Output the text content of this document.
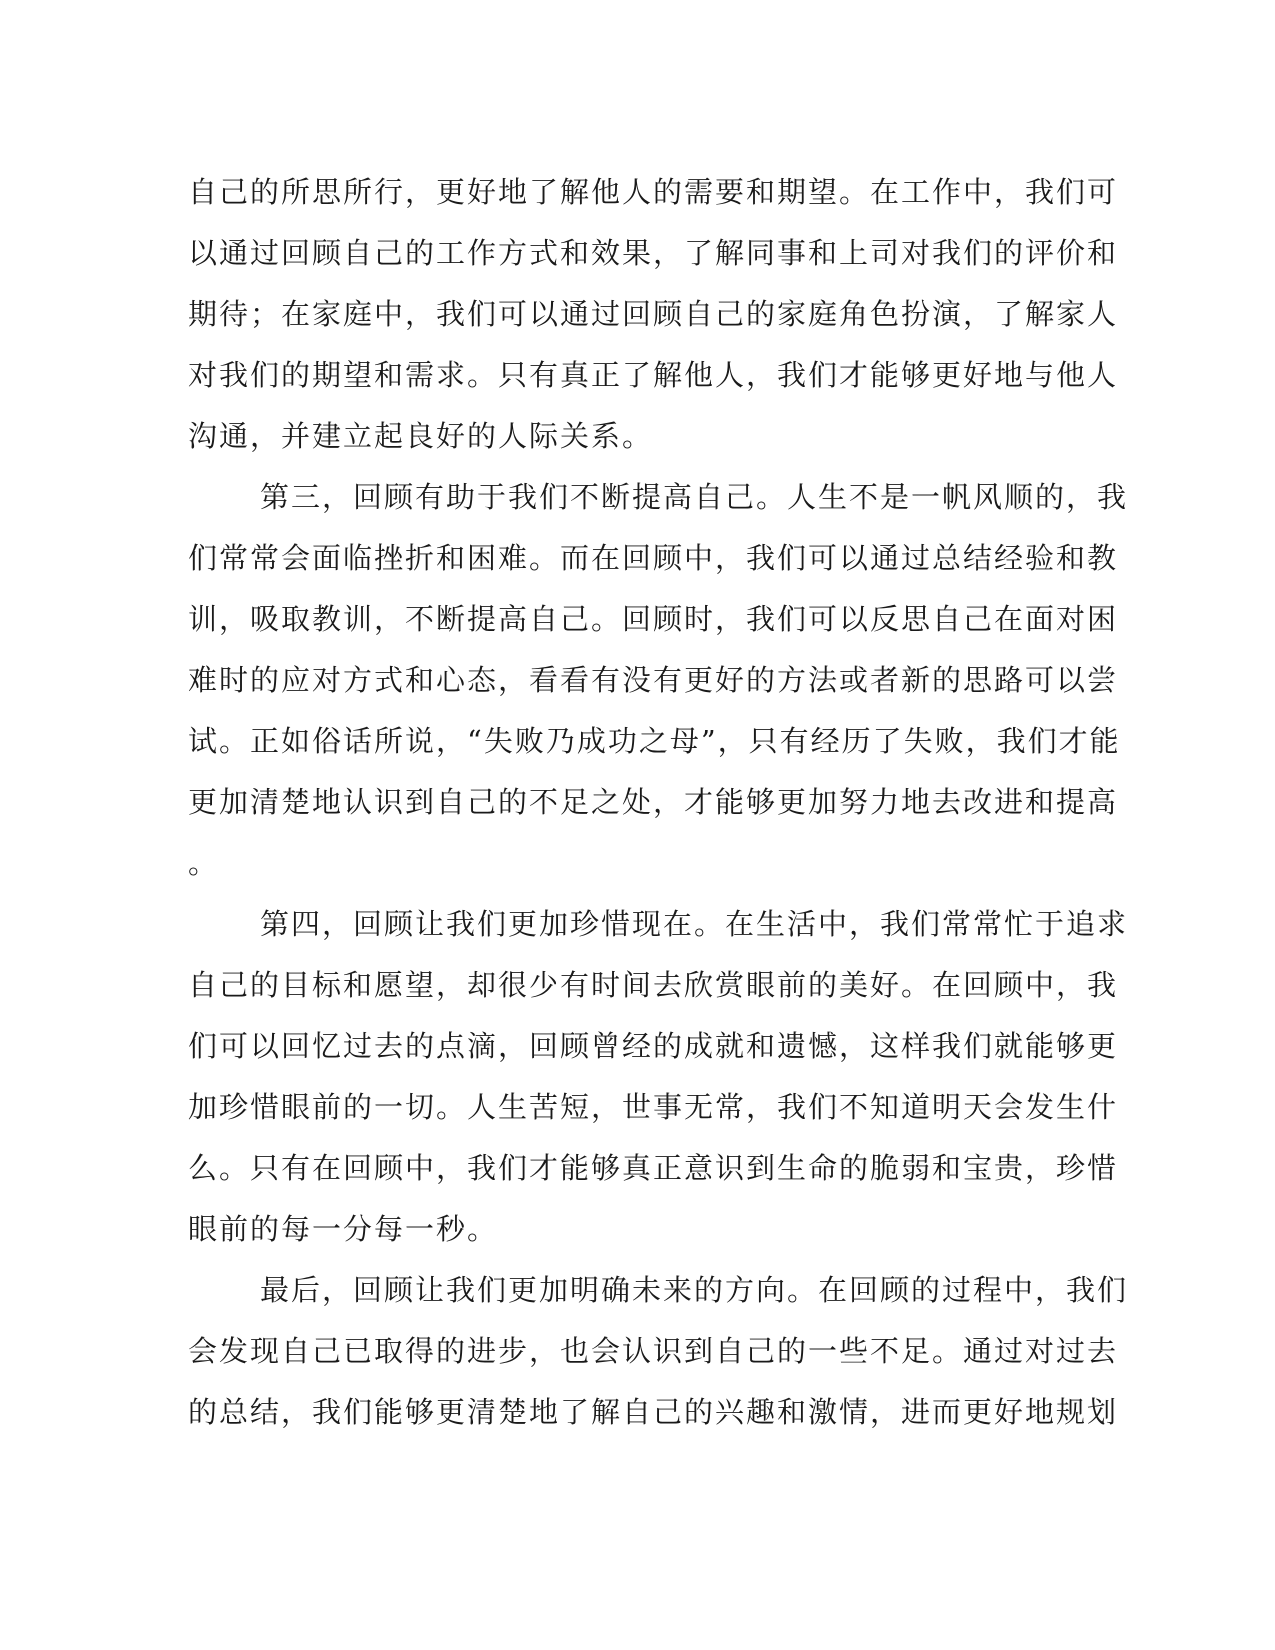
自己的所思所行，更好地了解他人的需要和期望。在工作中，我们可
以通过回顾自己的工作方式和效果，了解同事和上司对我们的评价和
期待；在家庭中，我们可以通过回顾自己的家庭角色扮演，了解家人
对我们的期望和需求。只有真正了解他人，我们才能够更好地与他人
沟通，并建立起良好的人际关系。
第三，回顾有助于我们不断提高自己。人生不是一帆风顺的，我
们常常会面临挫折和困难。而在回顾中，我们可以通过总结经验和教
训，吸取教训，不断提高自己。回顾时，我们可以反思自己在面对困
难时的应对方式和心态，看看有没有更好的方法或者新的思路可以尝
试。正如俗话所说，“失败乃成功之母”，只有经历了失败，我们才能
更加清楚地认识到自己的不足之处，才能够更加努力地去改进和提高
。
第四，回顾让我们更加珍惜现在。在生活中，我们常常忙于追求
自己的目标和愿望，却很少有时间去欣赏眼前的美好。在回顾中，我
们可以回忆过去的点滴，回顾曾经的成就和遗憾，这样我们就能够更
加珍惜眼前的一切。人生苦短，世事无常，我们不知道明天会发生什
么。只有在回顾中，我们才能够真正意识到生命的脆弱和宝贵，珍惜
眼前的每一分每一秒。
最后，回顾让我们更加明确未来的方向。在回顾的过程中，我们
会发现自己已取得的进步，也会认识到自己的一些不足。通过对过去
的总结，我们能够更清楚地了解自己的兴趣和激情，进而更好地规划
